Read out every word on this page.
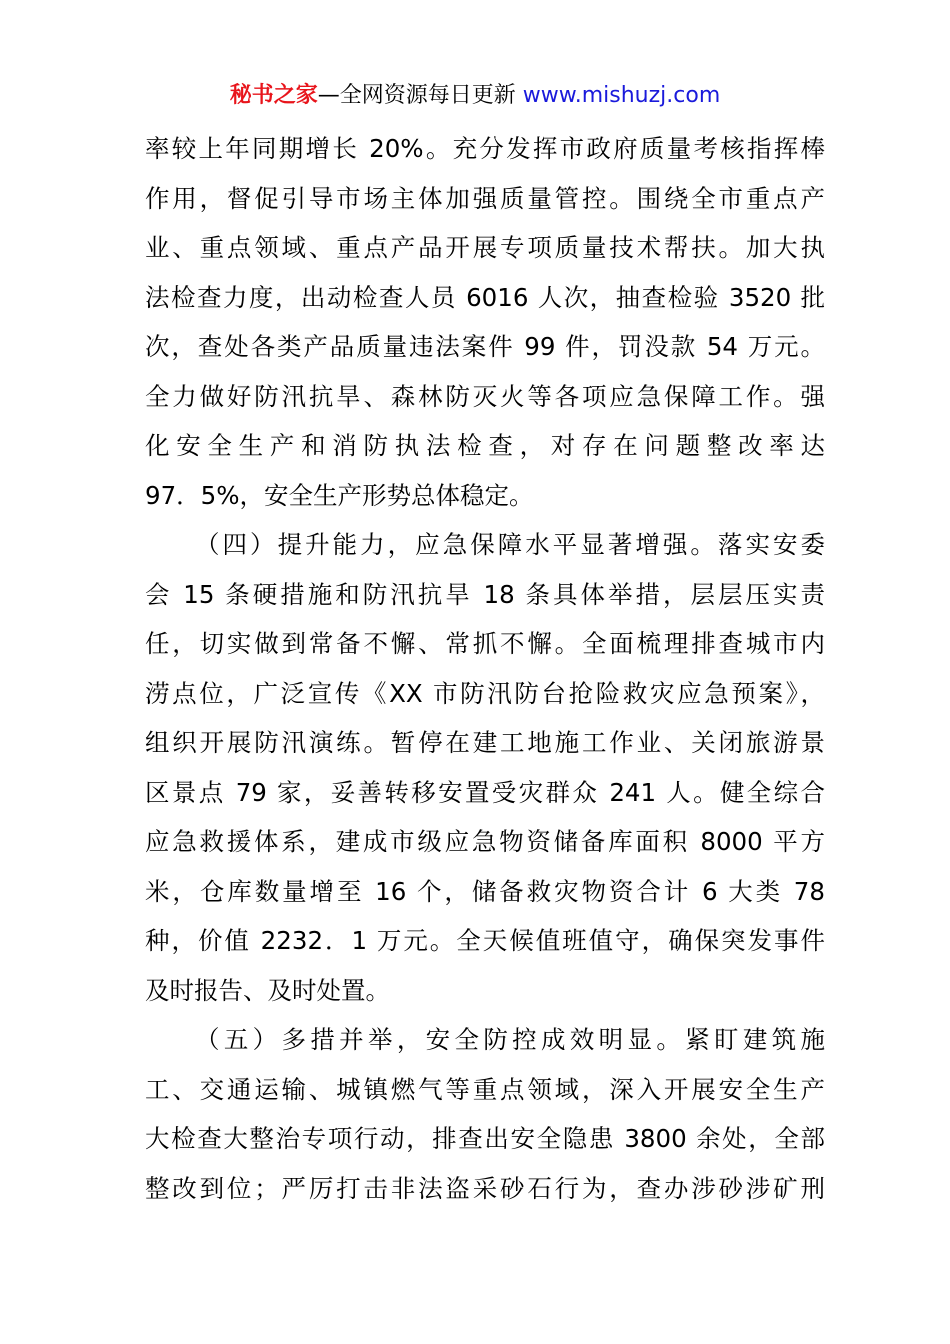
秘书之家—全网资源每日更新 www.mishuzj.com
率较上年同期增长 20%。充分发挥市政府质量考核指挥棒
作用，督促引导市场主体加强质量管控。围绕全市重点产
业、重点领域、重点产品开展专项质量技术帮扶。加大执
法检查力度，出动检查人员 6016 人次，抽查检验 3520 批
次，查处各类产品质量违法案件 99 件，罚没款 54 万元。
全力做好防汛抗旱、森林防灭火等各项应急保障工作。强
化安全生产和消防执法检查，对存在问题整改率达
97．5%，安全生产形势总体稳定。
（四）提升能力，应急保障水平显著增强。落实安委
会 15 条硬措施和防汛抗旱 18 条具体举措，层层压实责
任，切实做到常备不懈、常抓不懈。全面梳理排查城市内
涝点位，广泛宣传《XX 市防汛防台抢险救灾应急预案》，
组织开展防汛演练。暂停在建工地施工作业、关闭旅游景
区景点 79 家，妥善转移安置受灾群众 241 人。健全综合
应急救援体系，建成市级应急物资储备库面积 8000 平方
米，仓库数量增至 16 个，储备救灾物资合计 6 大类 78
种，价值 2232．1 万元。全天候值班值守，确保突发事件
及时报告、及时处置。
（五）多措并举，安全防控成效明显。紧盯建筑施
工、交通运输、城镇燃气等重点领域，深入开展安全生产
大检查大整治专项行动，排查出安全隐患 3800 余处，全部
整改到位；严厉打击非法盗采砂石行为，查办涉砂涉矿刑
